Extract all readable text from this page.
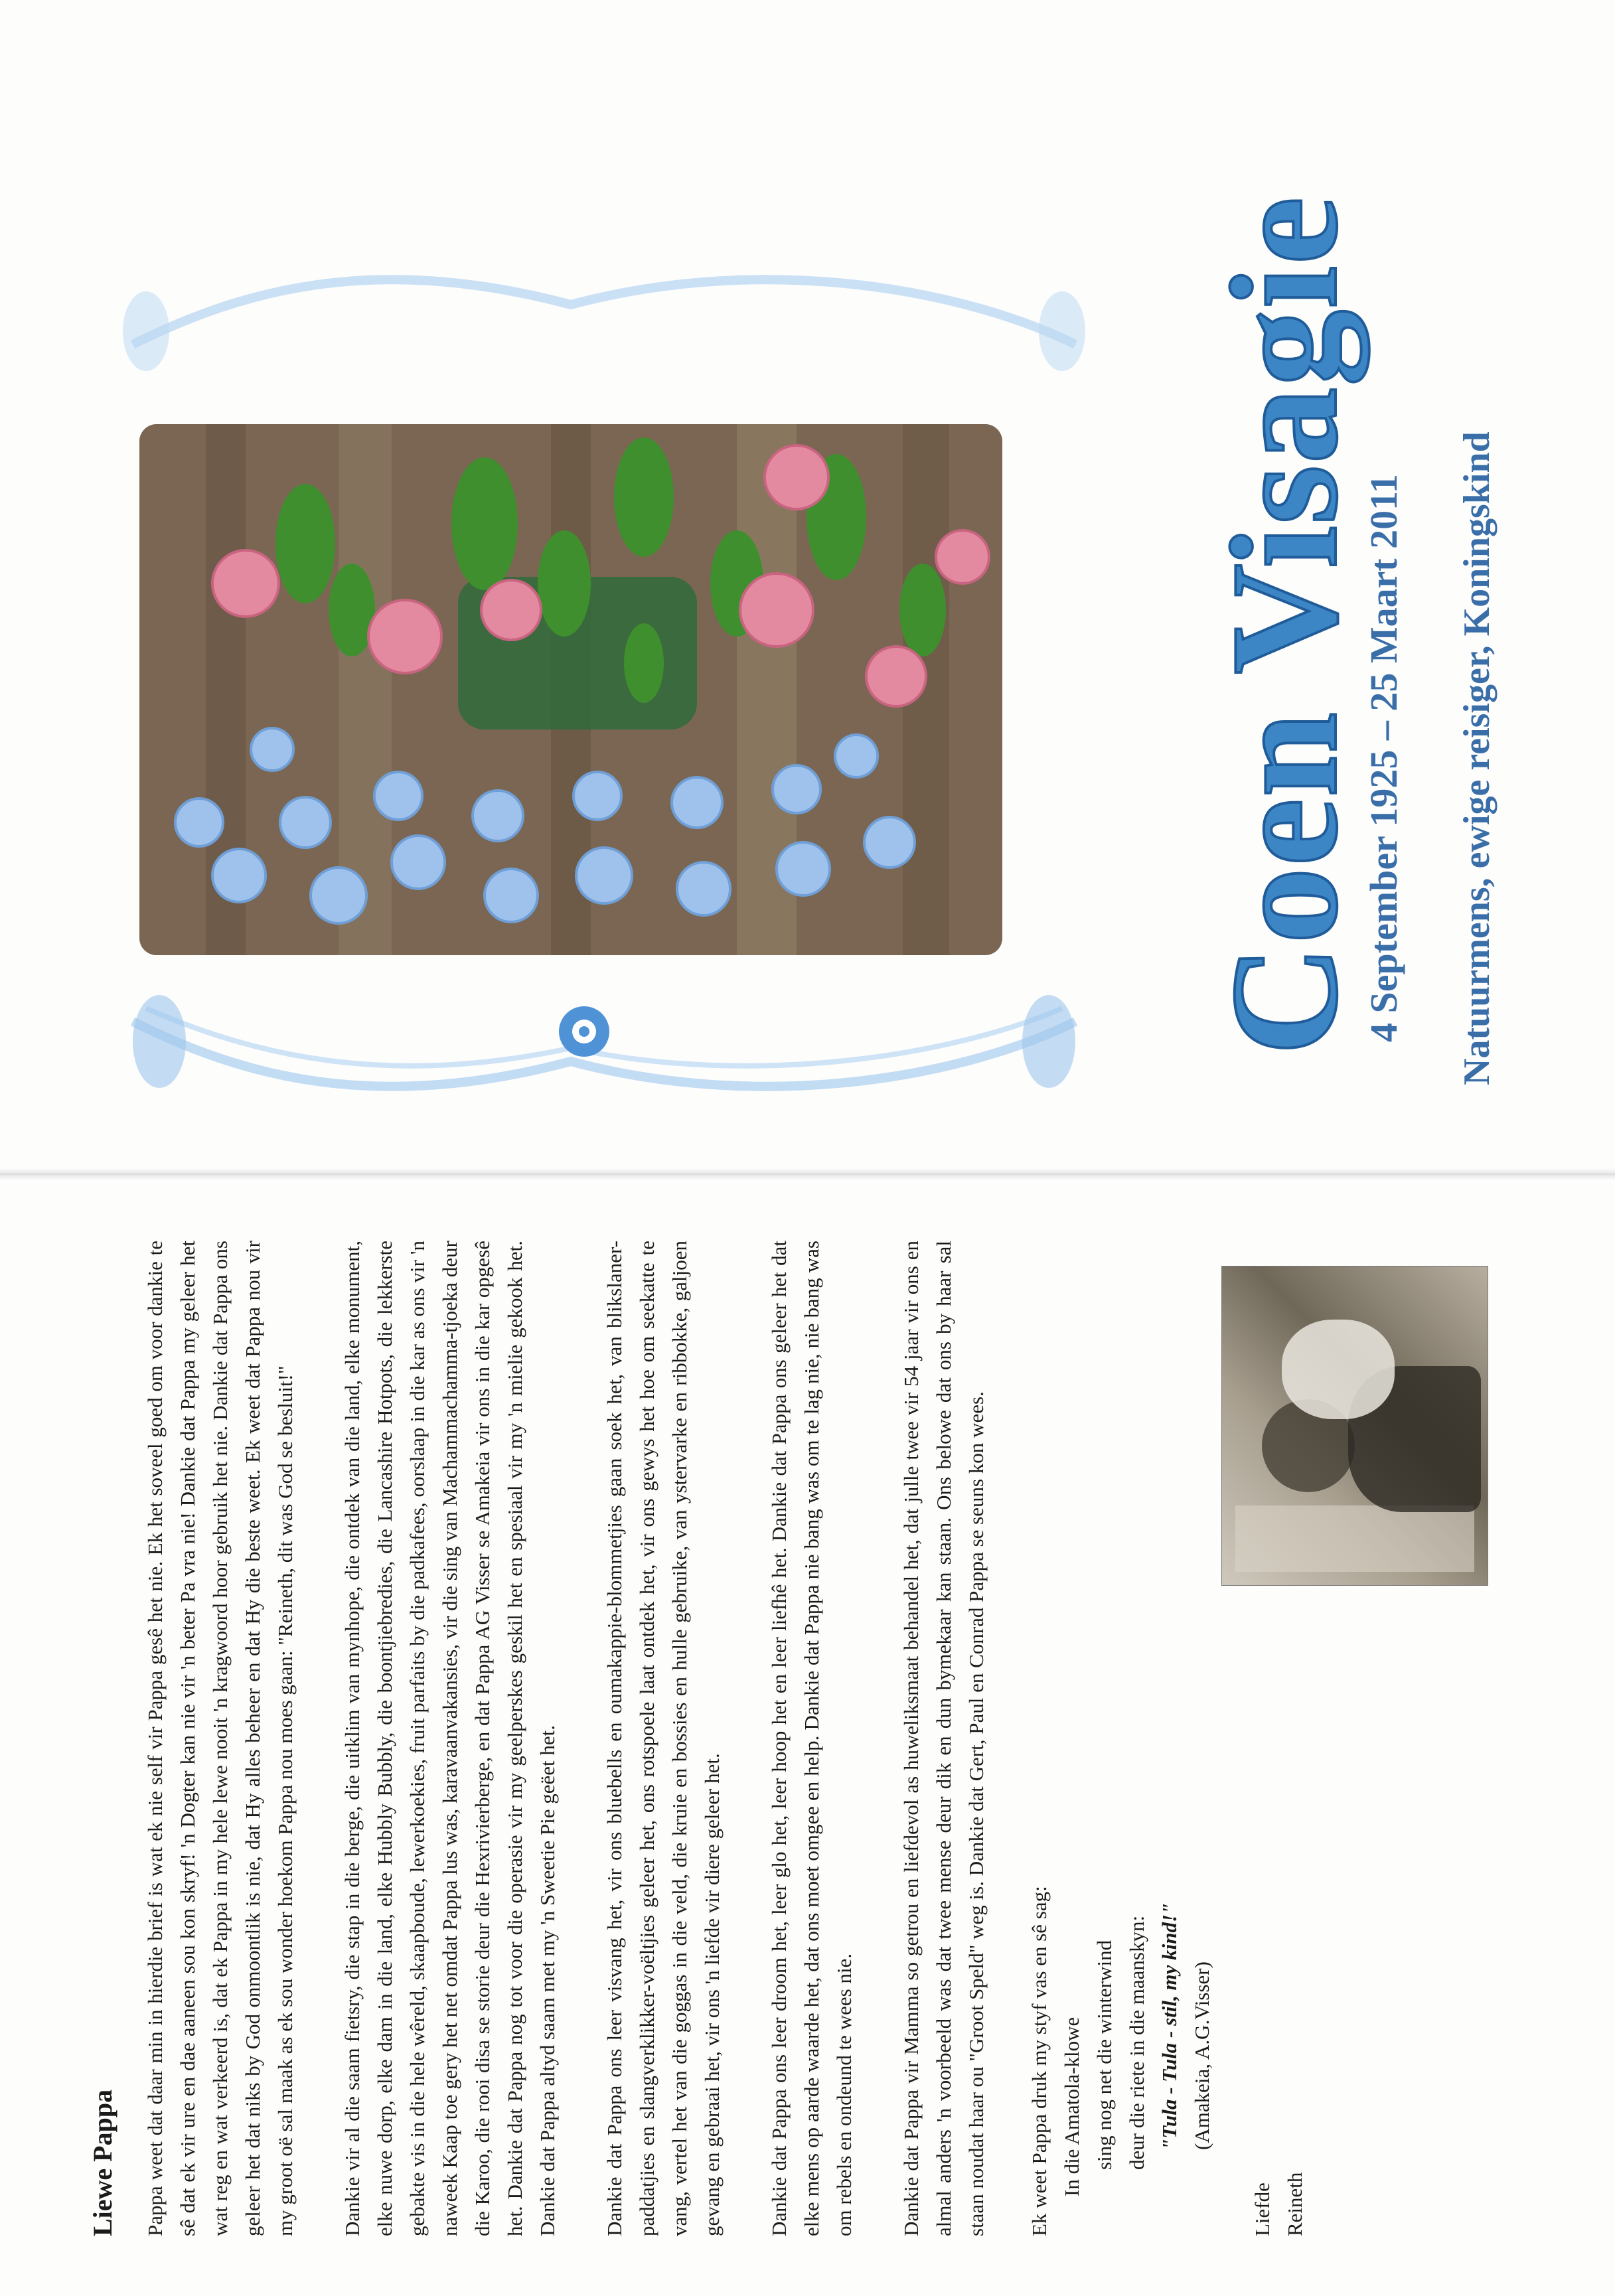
Liewe Pappa Pappa weet dat daar min in hierdie brief is wat ek nie self vir Pappa gesê het nie. Ek het soveel goed om voor dankie te sê dat ek vir ure en dae aaneen sou kon skryf! 'n Dogter kan nie vir 'n beter Pa vra nie! Dankie dat Pappa my geleer het wat reg en wat verkeerd is, dat ek Pappa in my hele lewe nooit 'n kragwoord hoor gebruik het nie. Dankie dat Pappa ons geleer het dat niks by God onmoontlik is nie, dat Hy alles beheer en dat Hy die beste weet. Ek weet dat Pappa nou vir my groot oë sal maak as ek sou wonder hoekom Pappa nou moes gaan: "Reineth, dit was God se besluit!" Dankie vir al die saam fietsry, die stap in die berge, die uitklim van mynhope, die ontdek van die land, elke monument, elke nuwe dorp, elke dam in die land, elke Hubbly Bubbly, die boontjiebredies, die Lancashire Hotpots, die lekkerste gebakte vis in die hele wêreld, skaapboude, lewerkoekies, fruit parfaits by die padkafees, oorslaap in die kar as ons vir 'n naweek Kaap toe gery het net omdat Pappa lus was, karavaanvakansies, vir die sing van Machammachamma-tjoeka deur die Karoo, die rooi disa se storie deur die Hexrivierberge, en dat Pappa AG Visser se Amakeia vir ons in die kar opgesê het. Dankie dat Pappa nog tot voor die operasie vir my geelperskes geskil het en spesiaal vir my 'n mielie gekook het. Dankie dat Pappa altyd saam met my 'n Sweetie Pie geëet het. Dankie dat Pappa ons leer visvang het, vir ons bluebells en oumakappie-blommetjies gaan soek het, van blikslaner-paddatjies en slangverklikker-voëltjies geleer het, ons rotspoele laat ontdek het, vir ons gewys het hoe om seekatte te vang, vertel het van die goggas in die veld, die kruie en bossies en hulle gebruike, van ystervarke en ribbokke, galjoen gevang en gebraai het, vir ons 'n liefde vir diere geleer het. Dankie dat Pappa ons leer droom het, leer glo het, leer hoop het en leer liefhê het. Dankie dat Pappa ons geleer het dat elke mens op aarde waarde het, dat ons moet omgee en help. Dankie dat Pappa nie bang was om te lag nie, nie bang was om rebels en ondeund te wees nie. Dankie dat Pappa vir Mamma so getrou en liefdevol as huweliksmaat behandel het, dat julle twee vir 54 jaar vir ons en almal anders 'n voorbeeld was dat twee mense deur dik en dun bymekaar kan staan. Ons belowe dat ons by haar sal staan noudat haar ou "Groot Speld" weg is. Dankie dat Gert, Paul en Conrad Pappa se seuns kon wees. Ek weet Pappa druk my styf vas en sê sag: In die Amatola-klowe sing nog net die winterwind deur die riete in die maanskyn: "Tula - Tula - stil, my kind!" (Amakeia, A.G.Visser)
Liefde Reineth
Coen Visagie
4 September 1925 – 25 Maart 2011 Natuurmens, ewige reisiger, Koningskind
